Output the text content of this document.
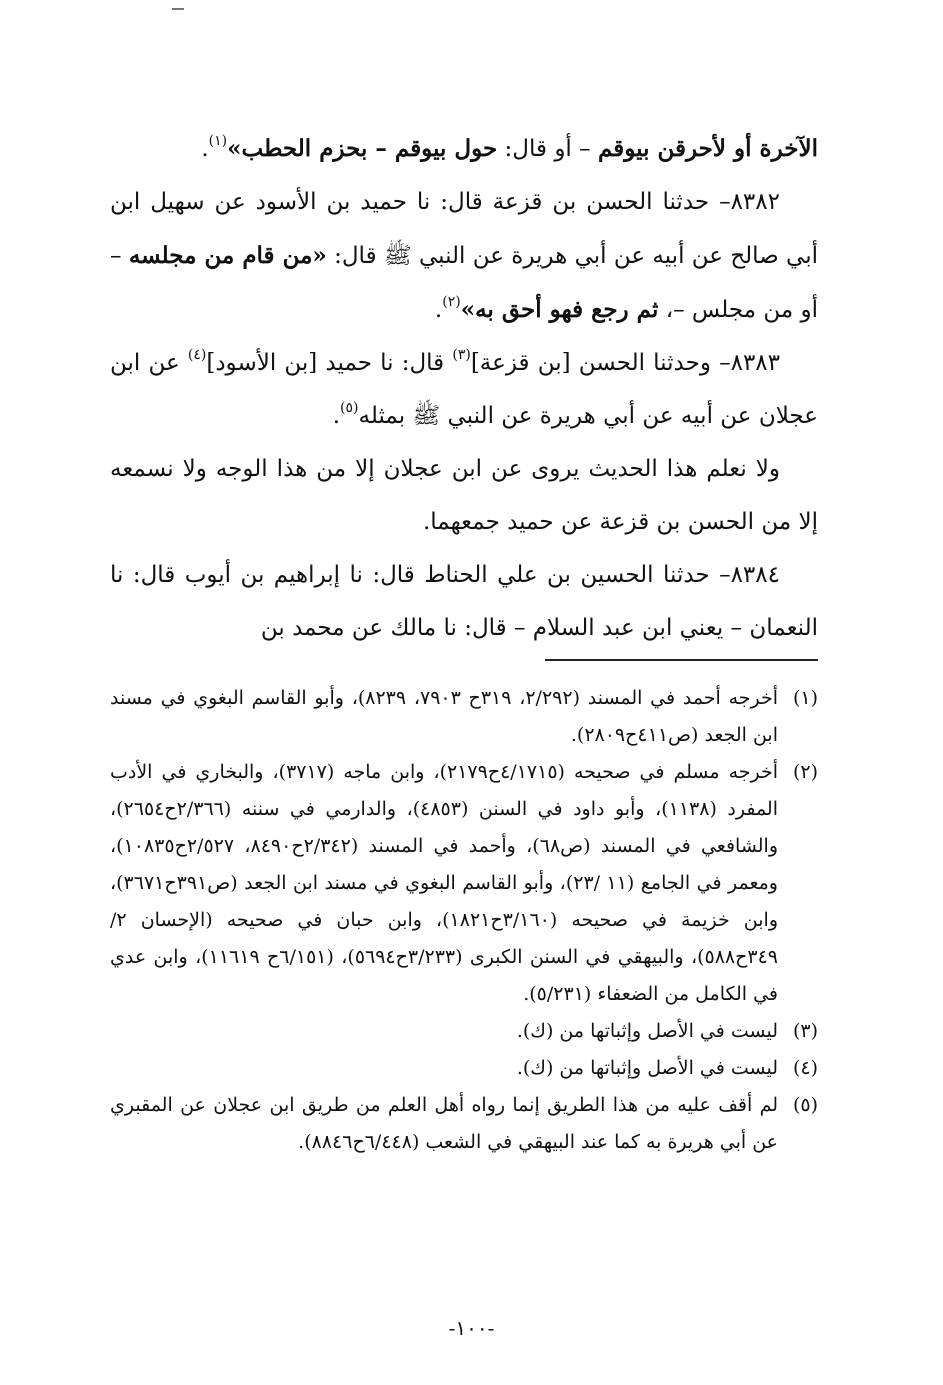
الآخرة أو لأحرقن بيوقم – أو قال: حول بيوقم – بحزم الحطب»$^{(١)}$.

٨٣٨٢– حدثنا الحسن بن قزعة قال: نا حميد بن الأسود عن سهيل ابن أبي صالح عن أبيه عن أبي هريرة عن النبي ﷺ قال: «من قام من مجلسه – أو من مجلس –، ثم رجع فهو أحق به»$^{(٢)}$.

٨٣٨٣– وحدثنا الحسن [بن قزعة]$^{(٣)}$ قال: نا حميد [بن الأسود]$^{(٤)}$ عن ابن عجلان عن أبيه عن أبي هريرة عن النبي ﷺ بمثله$^{(٥)}$.

ولا نعلم هذا الحديث يروى عن ابن عجلان إلا من هذا الوجه ولا نسمعه إلا من الحسن بن قزعة عن حميد جمعهما.

٨٣٨٤– حدثنا الحسين بن علي الحناط قال: نا إبراهيم بن أيوب قال: نا النعمان – يعني ابن عبد السلام – قال: نا مالك عن محمد بن

(١)
أخرجه أحمد في المسند (٢/٢٩٢، ٣١٩ح ٧٩٠٣، ٨٢٣٩)، وأبو القاسم البغوي في مسند ابن الجعد (ص٤١١ح٢٨٠٩).

(٢)
أخرجه مسلم في صحيحه (٤/١٧١٥ح٢١٧٩)، وابن ماجه (٣٧١٧)، والبخاري في الأدب المفرد (١١٣٨)، وأبو داود في السنن (٤٨٥٣)، والدارمي في سننه (٢/٣٦٦ح٢٦٥٤)، والشافعي في المسند (ص٦٨)، وأحمد في المسند (٢/٣٤٢ح٨٤٩٠، ٢/٥٢٧ح١٠٨٣٥)، ومعمر في الجامع (١١ /٢٣)، وأبو القاسم البغوي في مسند ابن الجعد (ص٣٩١ح٣٦٧١)، وابن خزيمة في صحيحه (٣/١٦٠ح١٨٢١)، وابن حبان في صحيحه (الإحسان ٢/ ٣٤٩ح٥٨٨)، والبيهقي في السنن الكبرى (٣/٢٣٣ح٥٦٩٤)، (٦/١٥١ح ١١٦١٩)، وابن عدي في الكامل من الضعفاء (٥/٢٣١).

(٣)
ليست في الأصل وإثباتها من (ك).

(٤)
ليست في الأصل وإثباتها من (ك).

(٥)
لم أقف عليه من هذا الطريق إنما رواه أهل العلم من طريق ابن عجلان عن المقبري عن أبي هريرة به كما عند البيهقي في الشعب (٦/٤٤٨ح٨٨٤٦).

-١٠٠-
